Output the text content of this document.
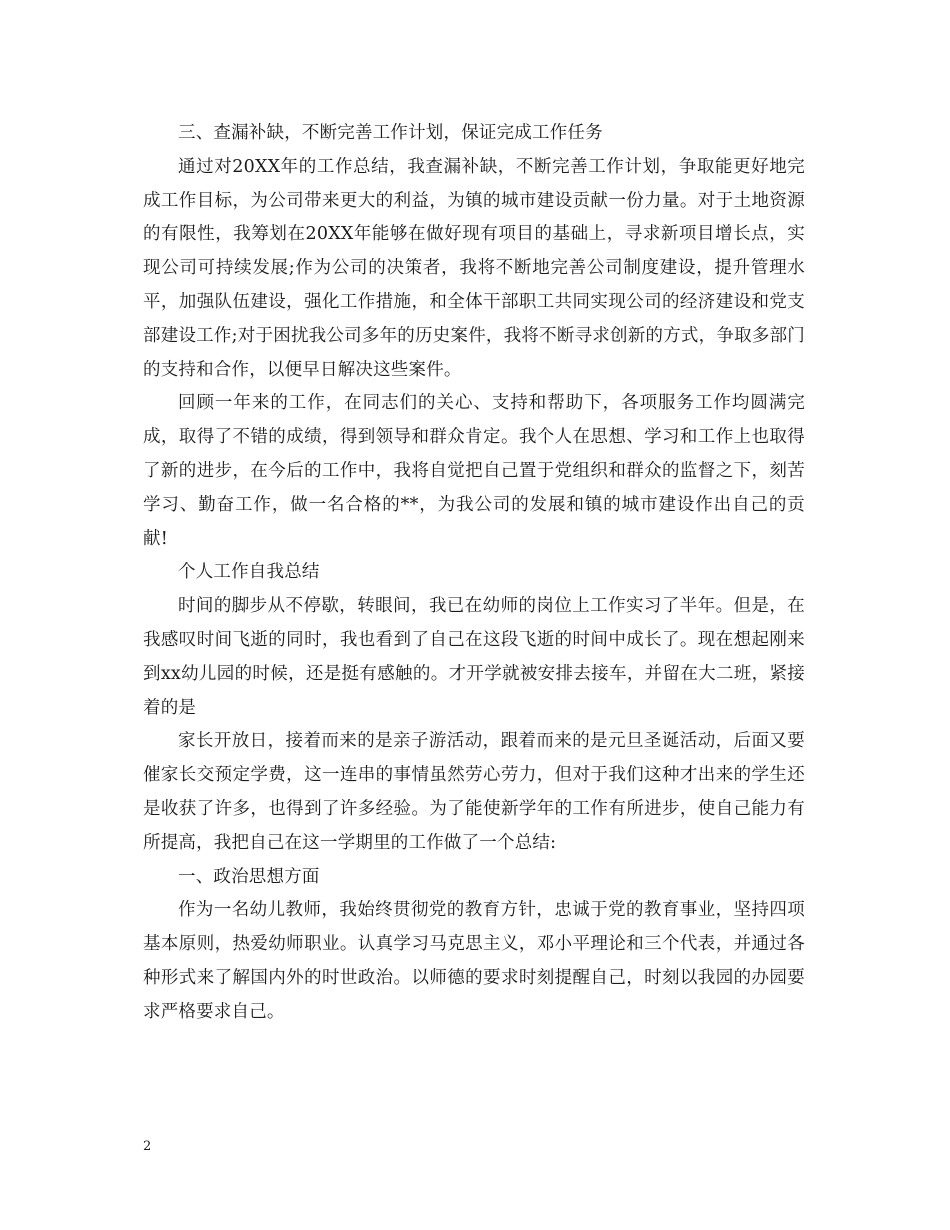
三、查漏补缺，不断完善工作计划，保证完成工作任务

通过对20XX年的工作总结，我查漏补缺，不断完善工作计划，争取能更好地完成工作目标，为公司带来更大的利益，为镇的城市建设贡献一份力量。对于土地资源的有限性，我筹划在20XX年能够在做好现有项目的基础上，寻求新项目增长点，实现公司可持续发展;作为公司的决策者，我将不断地完善公司制度建设，提升管理水平，加强队伍建设，强化工作措施，和全体干部职工共同实现公司的经济建设和党支部建设工作;对于困扰我公司多年的历史案件，我将不断寻求创新的方式，争取多部门的支持和合作，以便早日解决这些案件。

回顾一年来的工作，在同志们的关心、支持和帮助下，各项服务工作均圆满完成，取得了不错的成绩，得到领导和群众肯定。我个人在思想、学习和工作上也取得了新的进步，在今后的工作中，我将自觉把自己置于党组织和群众的监督之下，刻苦学习、勤奋工作，做一名合格的**，为我公司的发展和镇的城市建设作出自己的贡献!

个人工作自我总结

时间的脚步从不停歇，转眼间，我已在幼师的岗位上工作实习了半年。但是，在我感叹时间飞逝的同时，我也看到了自己在这段飞逝的时间中成长了。现在想起刚来到xx幼儿园的时候，还是挺有感触的。才开学就被安排去接车，并留在大二班，紧接着的是

家长开放日，接着而来的是亲子游活动，跟着而来的是元旦圣诞活动，后面又要催家长交预定学费，这一连串的事情虽然劳心劳力，但对于我们这种才出来的学生还是收获了许多，也得到了许多经验。为了能使新学年的工作有所进步，使自己能力有所提高，我把自己在这一学期里的工作做了一个总结:

一、政治思想方面

作为一名幼儿教师，我始终贯彻党的教育方针，忠诚于党的教育事业，坚持四项基本原则，热爱幼师职业。认真学习马克思主义，邓小平理论和三个代表，并通过各种形式来了解国内外的时世政治。以师德的要求时刻提醒自己，时刻以我园的办园要求严格要求自己。

2
